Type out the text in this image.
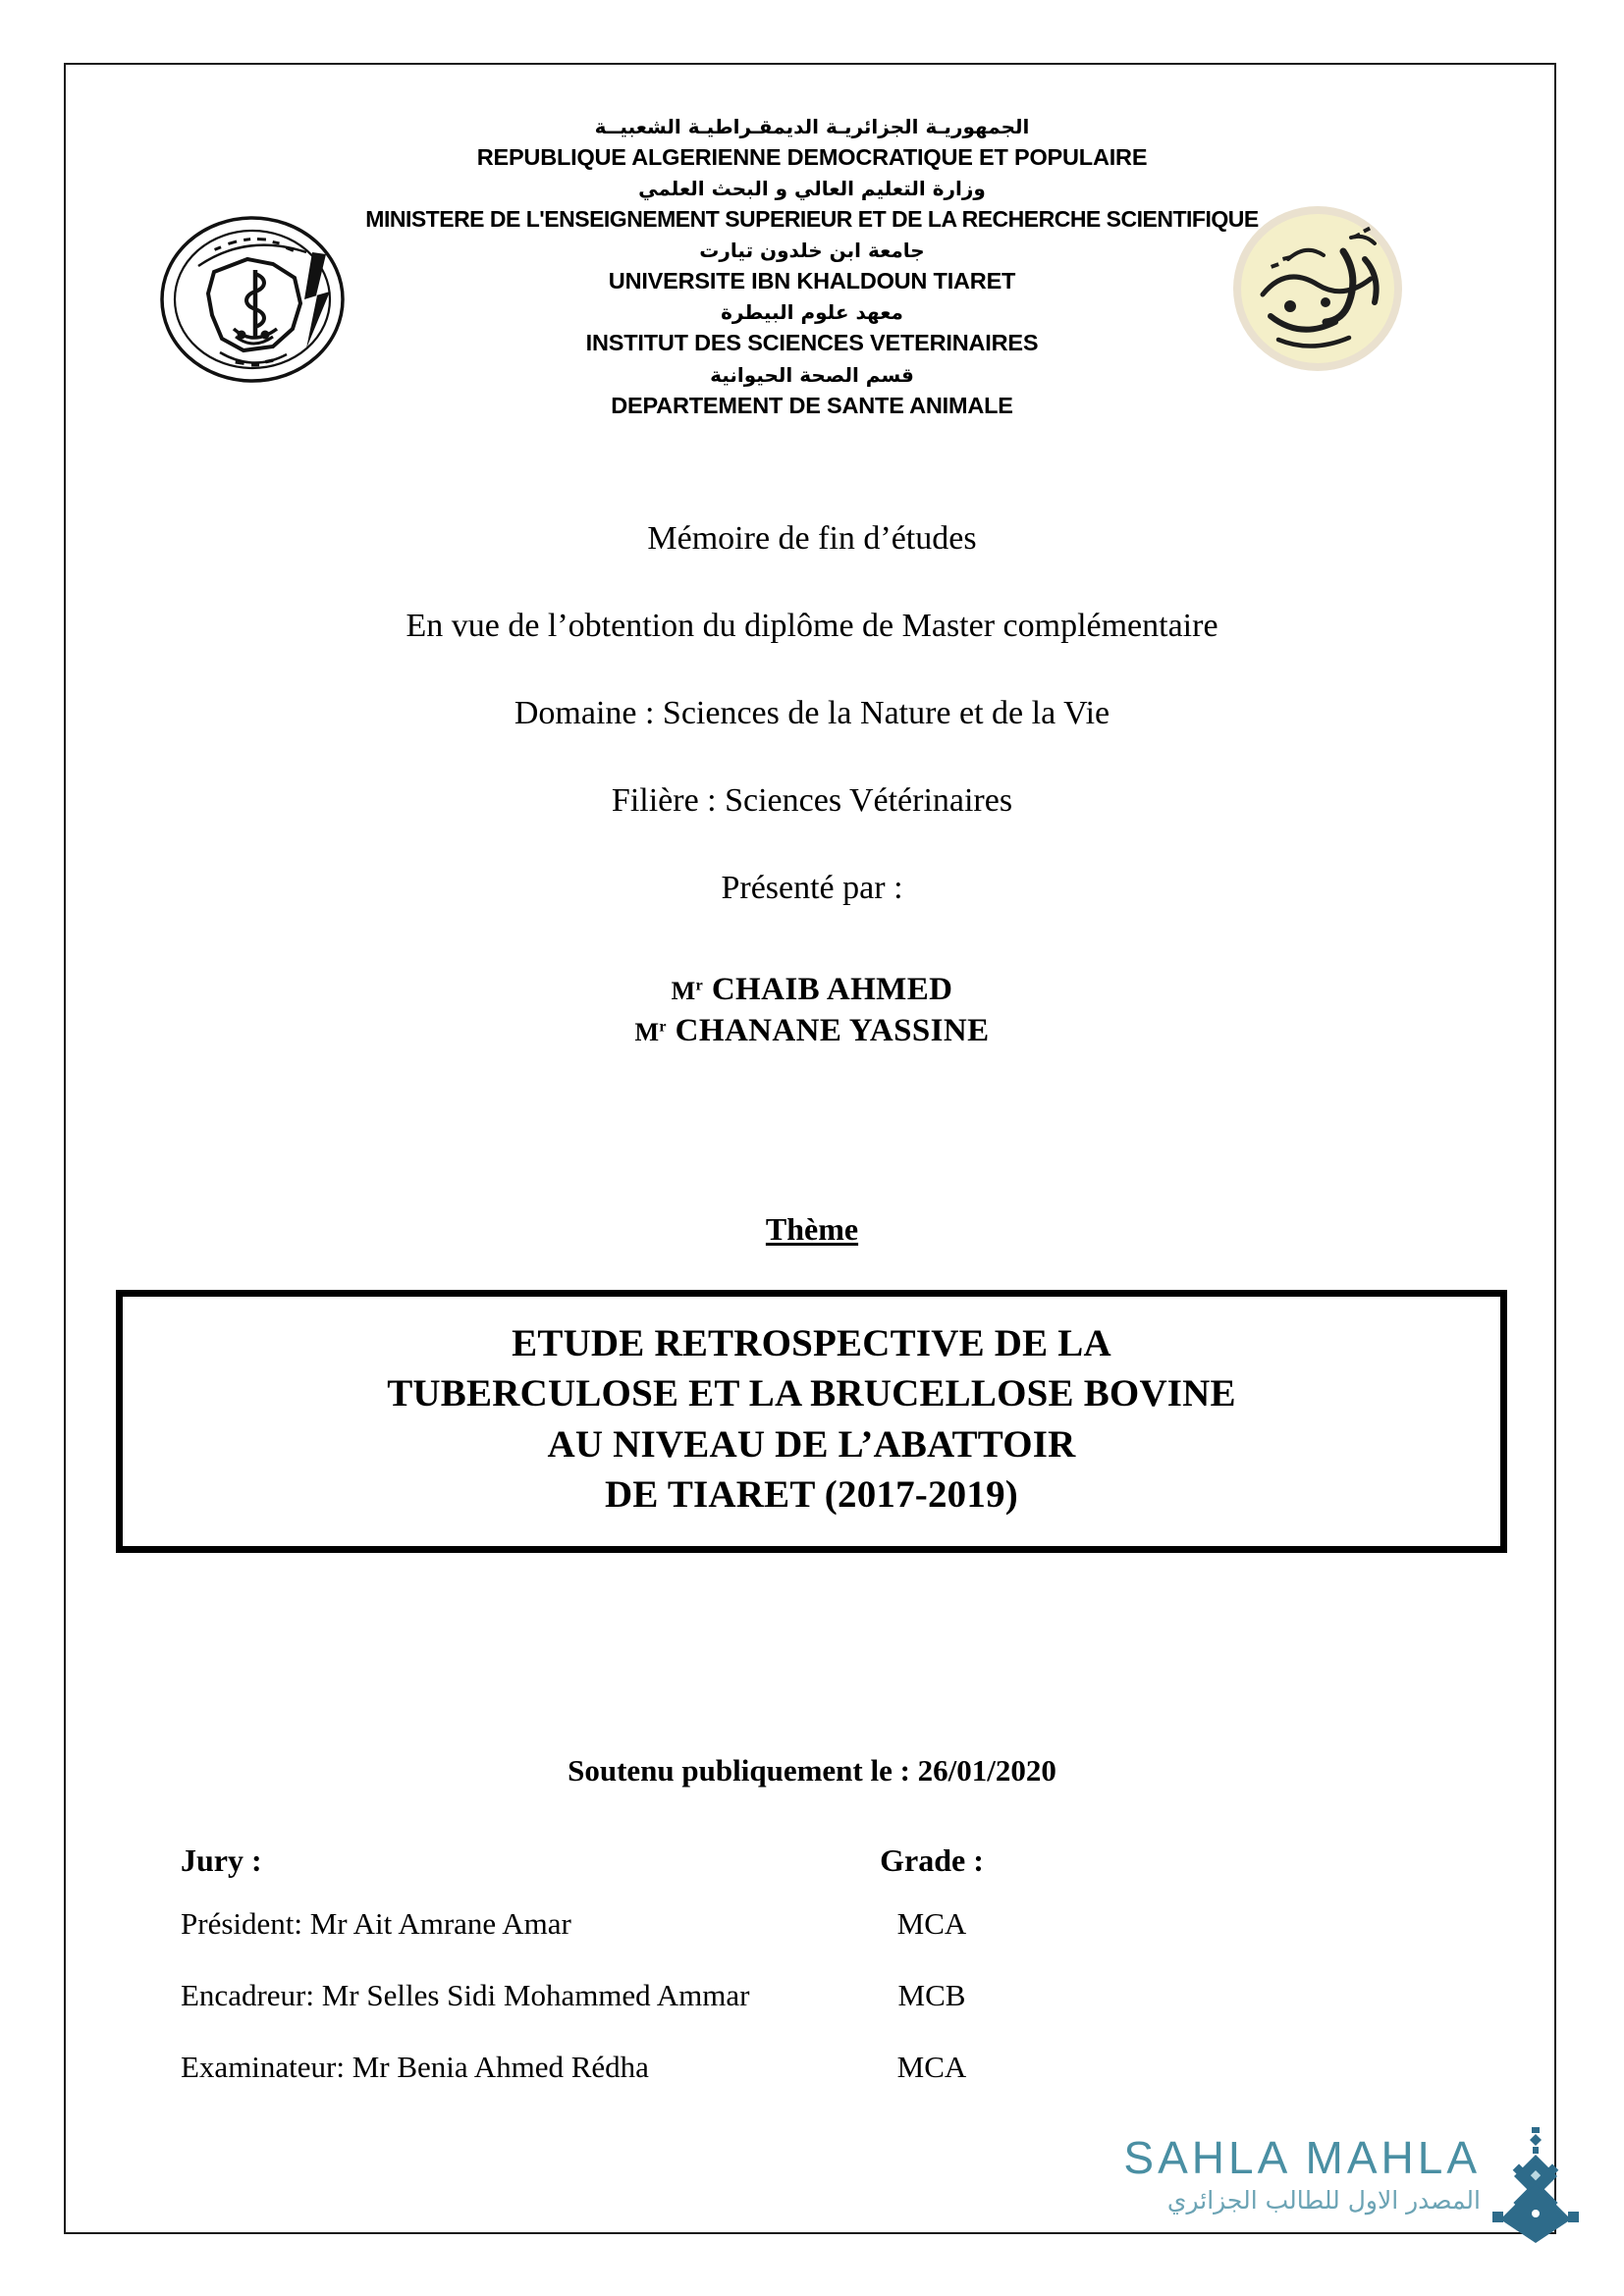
الجمهوريـة الجزائريـة الديمقـراطيـة الشعبيــة
REPUBLIQUE ALGERIENNE DEMOCRATIQUE ET POPULAIRE
وزارة التعليم العالي و البحث العلمي
MINISTERE DE L'ENSEIGNEMENT SUPERIEUR ET DE LA RECHERCHE SCIENTIFIQUE
جامعة ابن خلدون تيارت
UNIVERSITE IBN KHALDOUN TIARET
معهد علوم البيطرة
INSTITUT DES SCIENCES VETERINAIRES
قسم الصحة الحيوانية
DEPARTEMENT DE SANTE ANIMALE
Mémoire de fin d’études
En vue de l’obtention du diplôme de Master complémentaire
Domaine : Sciences de la Nature et de la Vie
Filière : Sciences Vétérinaires
Présenté par :
$M^r$ CHAIB AHMED
$M^r$ CHANANE YASSINE
Thème
ETUDE RETROSPECTIVE DE LA
TUBERCULOSE ET LA BRUCELLOSE BOVINE
AU NIVEAU DE L’ABATTOIR
DE TIARET (2017-2019)
Soutenu publiquement le : 26/01/2020
Jury :	Grade :
Président: Mr Ait Amrane Amar	MCA
Encadreur: Mr Selles Sidi Mohammed Ammar	MCB
Examinateur: Mr Benia Ahmed Rédha	MCA
SAHLA MAHLA
المصدر الاول للطالب الجزائري
